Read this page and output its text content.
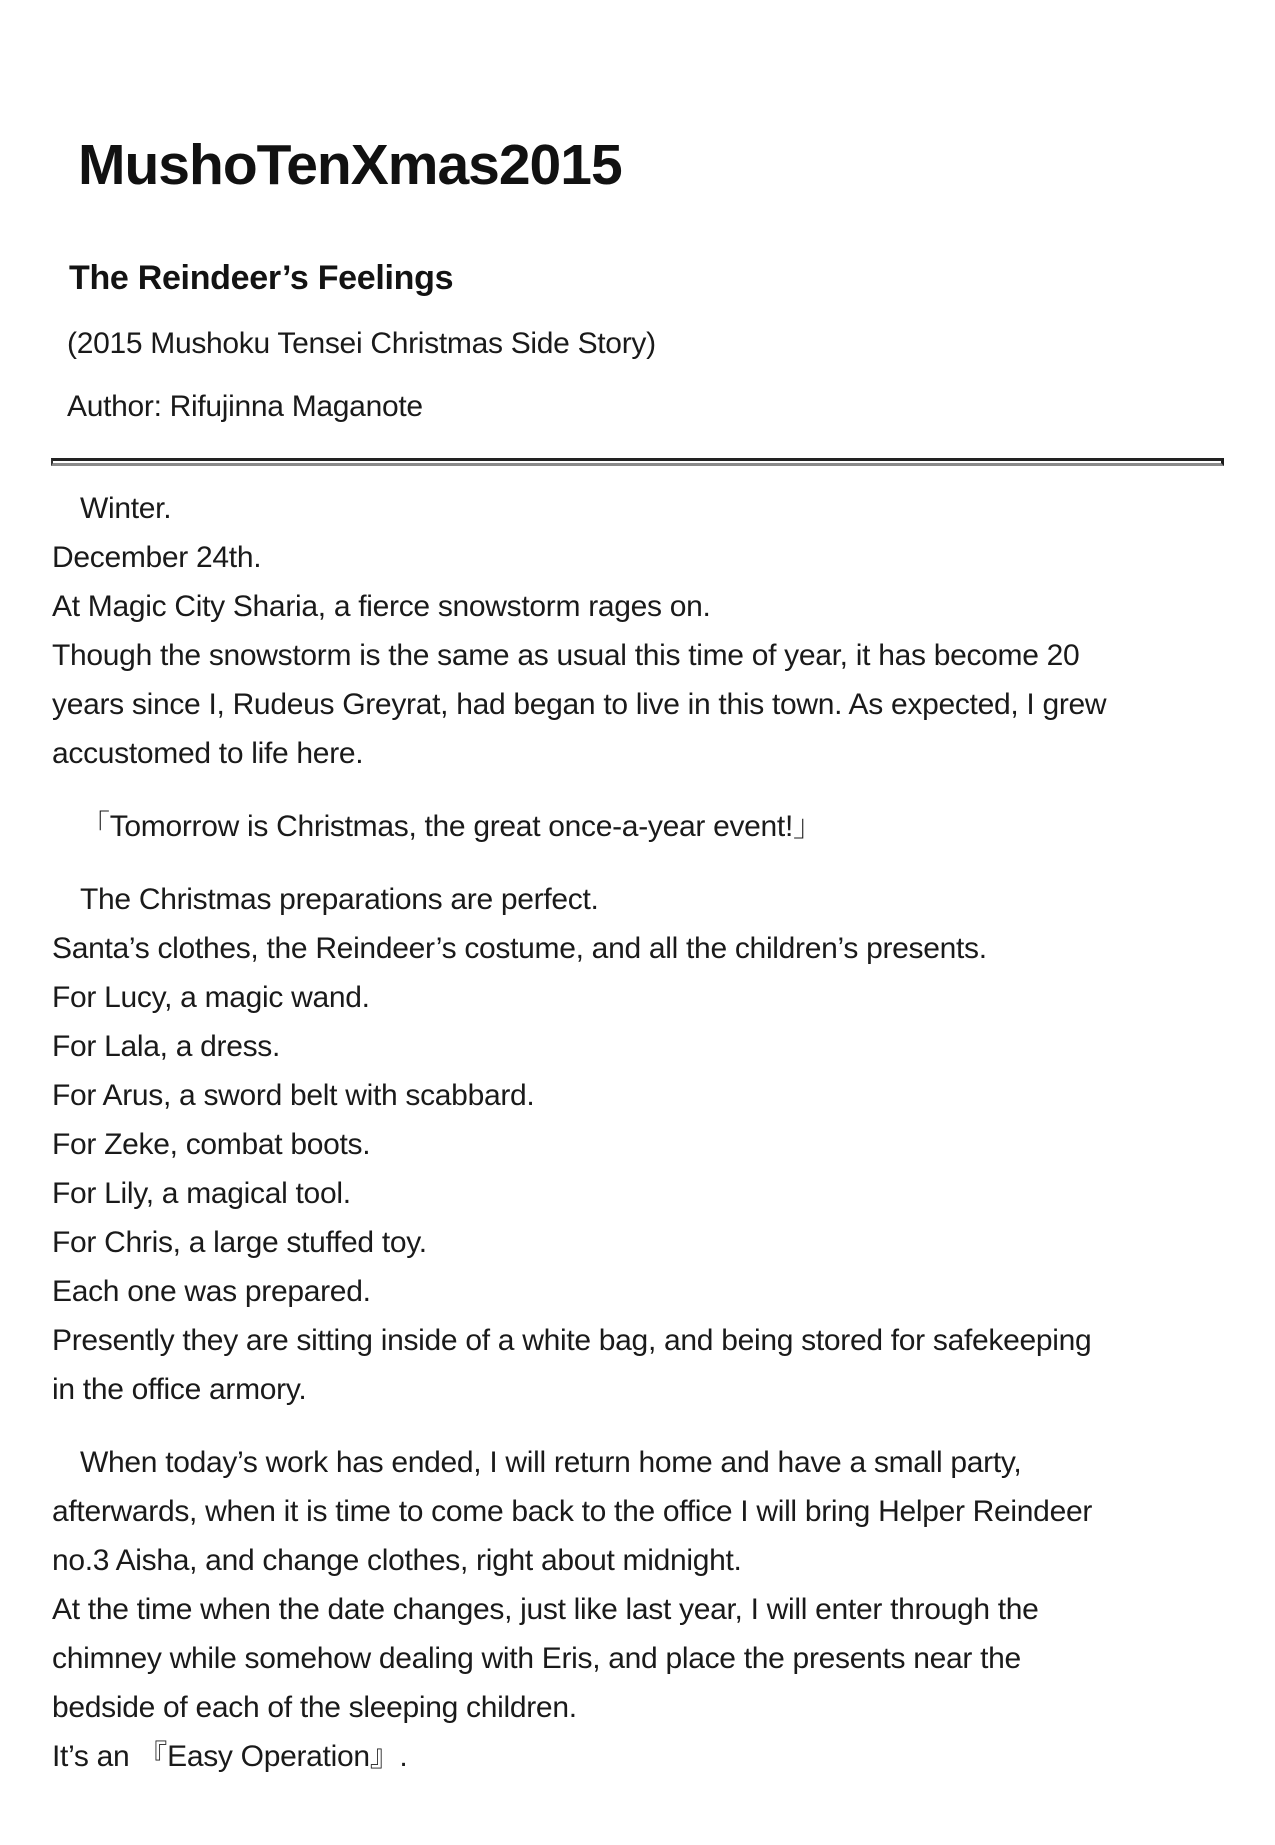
MushoTenXmas2015
The Reindeer’s Feelings
(2015 Mushoku Tensei Christmas Side Story)
Author: Rifujinna Maganote
Winter.
December 24th.
At Magic City Sharia, a fierce snowstorm rages on.
Though the snowstorm is the same as usual this time of year, it has become 20
years since I, Rudeus Greyrat, had began to live in this town. As expected, I grew
accustomed to life here.
「Tomorrow is Christmas, the great once-a-year event!」
The Christmas preparations are perfect.
Santa’s clothes, the Reindeer’s costume, and all the children’s presents.
For Lucy, a magic wand.
For Lala, a dress.
For Arus, a sword belt with scabbard.
For Zeke, combat boots.
For Lily, a magical tool.
For Chris, a large stuffed toy.
Each one was prepared.
Presently they are sitting inside of a white bag, and being stored for safekeeping
in the office armory.
When today’s work has ended, I will return home and have a small party,
afterwards, when it is time to come back to the office I will bring Helper Reindeer
no.3 Aisha, and change clothes, right about midnight.
At the time when the date changes, just like last year, I will enter through the
chimney while somehow dealing with Eris, and place the presents near the
bedside of each of the sleeping children.
It’s an 『Easy Operation』.
